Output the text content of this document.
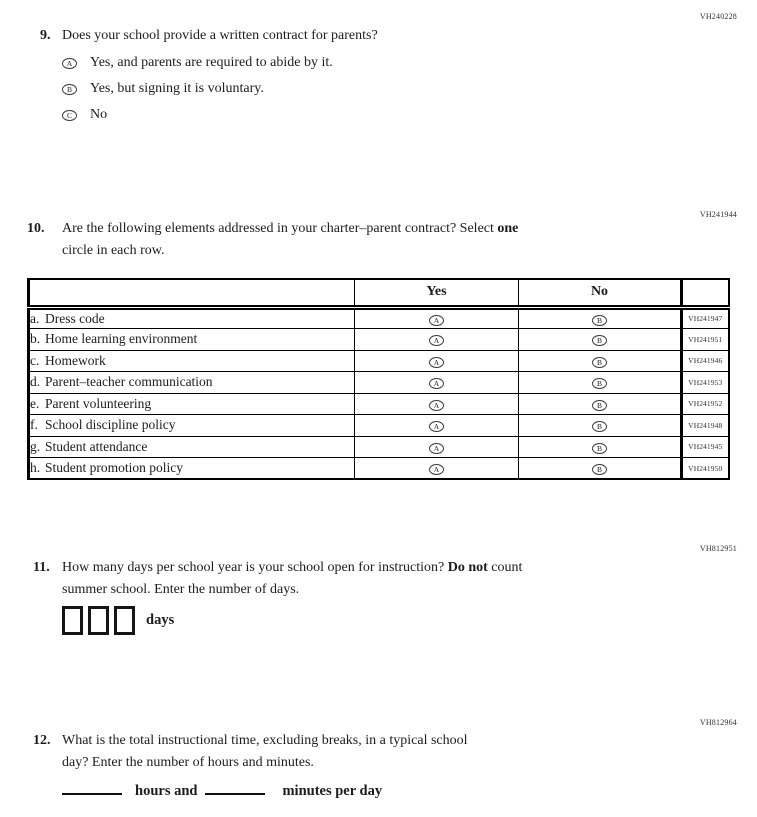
VH240228
9. Does your school provide a written contract for parents?
A	Yes, and parents are required to abide by it.
B	Yes, but signing it is voluntary.
C	No
VH241944
10. Are the following elements addressed in your charter–parent contract? Select one
circle in each row.
	Yes	No	
a. Dress code	A	B	VH241947
b. Home learning environment	A	B	VH241951
c. Homework	A	B	VH241946
d. Parent–teacher communication	A	B	VH241953
e. Parent volunteering	A	B	VH241952
f. School discipline policy	A	B	VH241948
g. Student attendance	A	B	VH241945
h. Student promotion policy	A	B	VH241950
VH812951
11. How many days per school year is your school open for instruction? Do not count
summer school. Enter the number of days.
days
VH812964
12. What is the total instructional time, excluding breaks, in a typical school
day? Enter the number of hours and minutes.
hours and	minutes per day
